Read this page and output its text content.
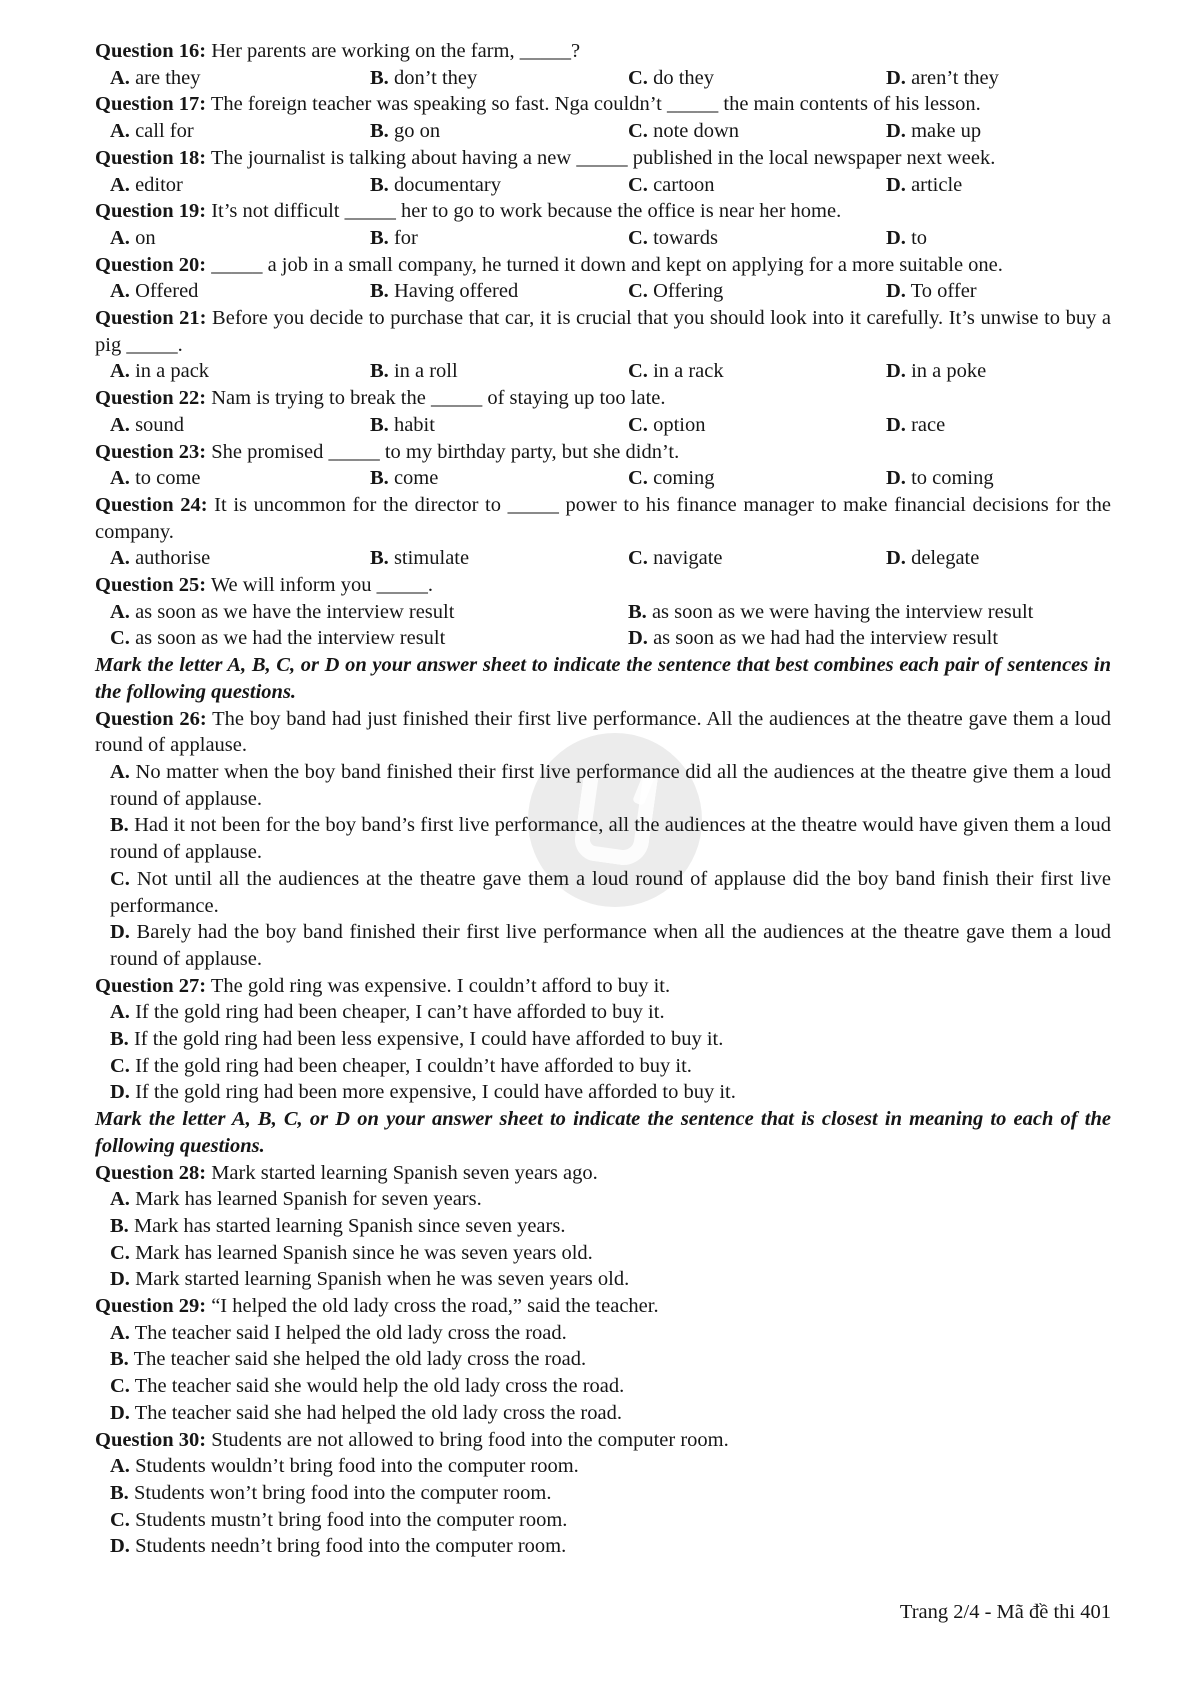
Question 16: Her parents are working on the farm, _____?

A. are they	B. don’t they	C. do they	D. aren’t they

Question 17: The foreign teacher was speaking so fast. Nga couldn’t _____ the main contents of his lesson.

A. call for	B. go on	C. note down	D. make up

Question 18: The journalist is talking about having a new _____ published in the local newspaper next week.

A. editor	B. documentary	C. cartoon	D. article

Question 19: It’s not difficult _____ her to go to work because the office is near her home.

A. on	B. for	C. towards	D. to

Question 20: _____ a job in a small company, he turned it down and kept on applying for a more suitable one.

A. Offered	B. Having offered	C. Offering	D. To offer

Question 21: Before you decide to purchase that car, it is crucial that you should look into it carefully. It’s unwise to buy a pig _____.

A. in a pack	B. in a roll	C. in a rack	D. in a poke

Question 22: Nam is trying to break the _____ of staying up too late.

A. sound	B. habit	C. option	D. race

Question 23: She promised _____ to my birthday party, but she didn’t.

A. to come	B. come	C. coming	D. to coming

Question 24: It is uncommon for the director to _____ power to his finance manager to make financial decisions for the company.

A. authorise	B. stimulate	C. navigate	D. delegate

Question 25: We will inform you _____.

A. as soon as we have the interview result	B. as soon as we were having the interview result
C. as soon as we had the interview result	D. as soon as we had had the interview result

Mark the letter A, B, C, or D on your answer sheet to indicate the sentence that best combines each pair of sentences in the following questions.

Question 26: The boy band had just finished their first live performance. All the audiences at the theatre gave them a loud round of applause.

A. No matter when the boy band finished their first live performance did all the audiences at the theatre give them a loud round of applause.

B. Had it not been for the boy band’s first live performance, all the audiences at the theatre would have given them a loud round of applause.

C. Not until all the audiences at the theatre gave them a loud round of applause did the boy band finish their first live performance.

D. Barely had the boy band finished their first live performance when all the audiences at the theatre gave them a loud round of applause.

Question 27: The gold ring was expensive. I couldn’t afford to buy it.

A. If the gold ring had been cheaper, I can’t have afforded to buy it.

B. If the gold ring had been less expensive, I could have afforded to buy it.

C. If the gold ring had been cheaper, I couldn’t have afforded to buy it.

D. If the gold ring had been more expensive, I could have afforded to buy it.

Mark the letter A, B, C, or D on your answer sheet to indicate the sentence that is closest in meaning to each of the following questions.

Question 28: Mark started learning Spanish seven years ago.

A. Mark has learned Spanish for seven years.

B. Mark has started learning Spanish since seven years.

C. Mark has learned Spanish since he was seven years old.

D. Mark started learning Spanish when he was seven years old.

Question 29: “I helped the old lady cross the road,” said the teacher.

A. The teacher said I helped the old lady cross the road.

B. The teacher said she helped the old lady cross the road.

C. The teacher said she would help the old lady cross the road.

D. The teacher said she had helped the old lady cross the road.

Question 30: Students are not allowed to bring food into the computer room.

A. Students wouldn’t bring food into the computer room.

B. Students won’t bring food into the computer room.

C. Students mustn’t bring food into the computer room.

D. Students needn’t bring food into the computer room.

Trang 2/4 - Mã đề thi 401
